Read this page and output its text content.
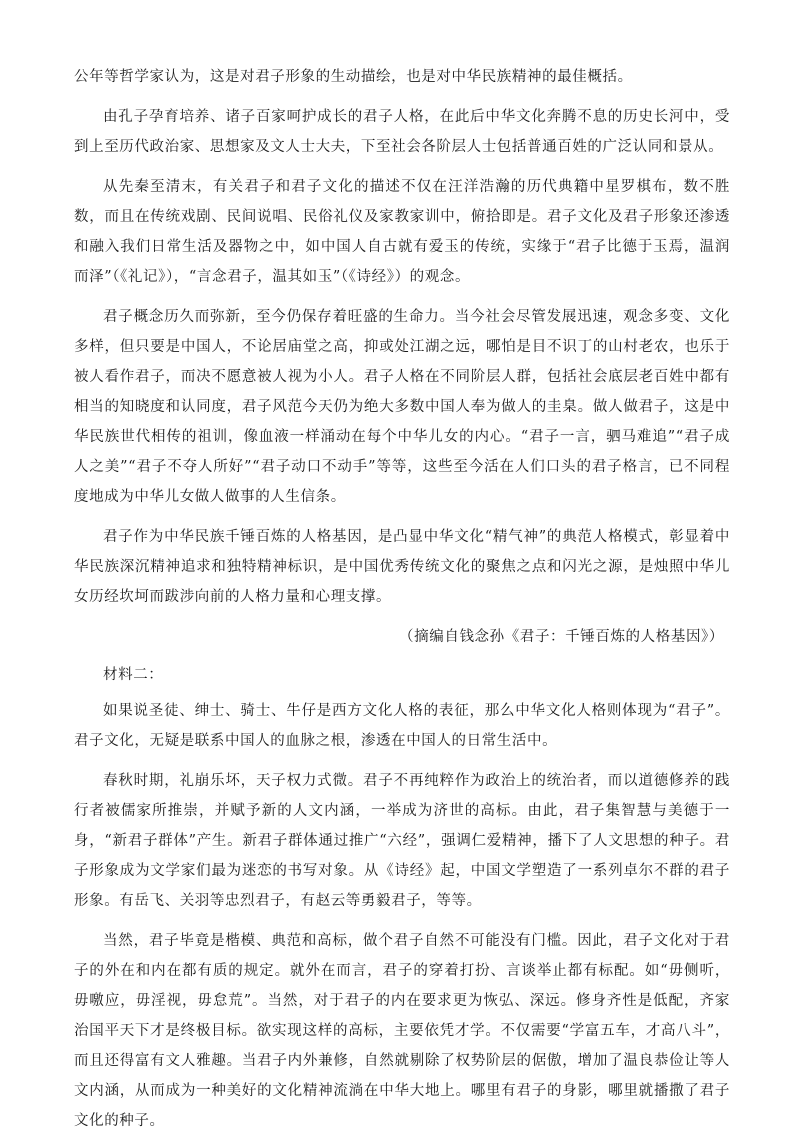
公年等哲学家认为，这是对君子形象的生动描绘，也是对中华民族精神的最佳概括。

由孔子孕育培养、诸子百家呵护成长的君子人格，在此后中华文化奔腾不息的历史长河中，受到上至历代政治家、思想家及文人士大夫，下至社会各阶层人士包括普通百姓的广泛认同和景从。

从先秦至清末，有关君子和君子文化的描述不仅在汪洋浩瀚的历代典籍中星罗棋布，数不胜数，而且在传统戏剧、民间说唱、民俗礼仪及家教家训中，俯拾即是。君子文化及君子形象还渗透和融入我们日常生活及器物之中，如中国人自古就有爱玉的传统，实缘于“君子比德于玉焉，温润而泽”（《礼记》），“言念君子，温其如玉”（《诗经》）的观念。

君子概念历久而弥新，至今仍保存着旺盛的生命力。当今社会尽管发展迅速，观念多变、文化多样，但只要是中国人，不论居庙堂之高，抑或处江湖之远，哪怕是目不识丁的山村老农，也乐于被人看作君子，而决不愿意被人视为小人。君子人格在不同阶层人群，包括社会底层老百姓中都有相当的知晓度和认同度，君子风范今天仍为绝大多数中国人奉为做人的圭臬。做人做君子，这是中华民族世代相传的祖训，像血液一样涌动在每个中华儿女的内心。“君子一言，驷马难追”“君子成人之美”“君子不夺人所好”“君子动口不动手”等等，这些至今活在人们口头的君子格言，已不同程度地成为中华儿女做人做事的人生信条。

君子作为中华民族千锤百炼的人格基因，是凸显中华文化“精气神”的典范人格模式，彰显着中华民族深沉精神追求和独特精神标识，是中国优秀传统文化的聚焦之点和闪光之源，是烛照中华儿女历经坎坷而跋涉向前的人格力量和心理支撑。

（摘编自钱念孙《君子：千锤百炼的人格基因》）

材料二：

如果说圣徒、绅士、骑士、牛仔是西方文化人格的表征，那么中华文化人格则体现为“君子”。君子文化，无疑是联系中国人的血脉之根，渗透在中国人的日常生活中。

春秋时期，礼崩乐坏，天子权力式微。君子不再纯粹作为政治上的统治者，而以道德修养的践行者被儒家所推崇，并赋予新的人文内涵，一举成为济世的高标。由此，君子集智慧与美德于一身，“新君子群体”产生。新君子群体通过推广“六经”，强调仁爱精神，播下了人文思想的种子。君子形象成为文学家们最为迷恋的书写对象。从《诗经》起，中国文学塑造了一系列卓尔不群的君子形象。有岳飞、关羽等忠烈君子，有赵云等勇毅君子，等等。

当然，君子毕竟是楷模、典范和高标，做个君子自然不可能没有门槛。因此，君子文化对于君子的外在和内在都有质的规定。就外在而言，君子的穿着打扮、言谈举止都有标配。如“毋侧听，毋噭应，毋淫视，毋怠荒”。当然，对于君子的内在要求更为恢弘、深远。修身齐性是低配，齐家治国平天下才是终极目标。欲实现这样的高标，主要依凭才学。不仅需要“学富五车，才高八斗”，而且还得富有文人雅趣。当君子内外兼修，自然就剔除了权势阶层的倨傲，增加了温良恭俭让等人文内涵，从而成为一种美好的文化精神流淌在中华大地上。哪里有君子的身影，哪里就播撒了君子文化的种子。
